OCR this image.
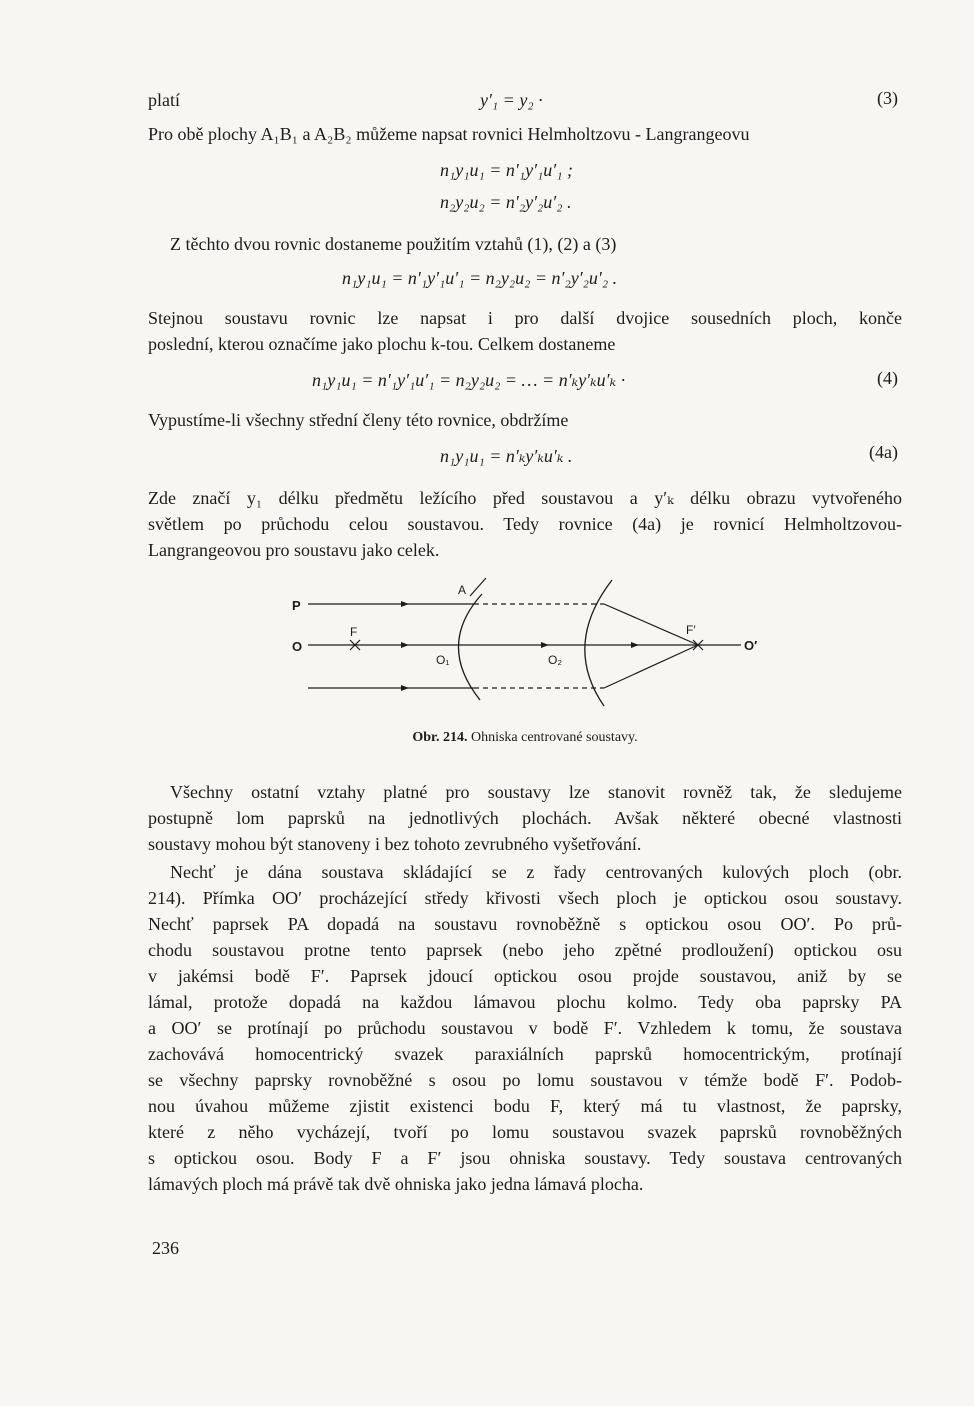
platí	y′₁ = y₂ ·	(3)
Pro obě plochy A₁B₁ a A₂B₂ můžeme napsat rovnici Helmholtzovu - Langrangeovu
n₁y₁u₁ = n′₁y′₁u′₁ ;
n₂y₂u₂ = n′₂y′₂u′₂ .
Z těchto dvou rovnic dostaneme použitím vztahů (1), (2) a (3)
n₁y₁u₁ = n′₁y′₁u′₁ = n₂y₂u₂ = n′₂y′₂u′₂ .
Stejnou soustavu rovnic lze napsat i pro další dvojice sousedních ploch, konče
poslední, kterou označíme jako plochu k-tou. Celkem dostaneme
n₁y₁u₁ = n′₁y′₁u′₁ = n₂y₂u₂ = … = n′ₖy′ₖu′ₖ ·	(4)
Vypustíme-li všechny střední členy této rovnice, obdržíme
n₁y₁u₁ = n′ₖy′ₖu′ₖ .	(4a)
Zde značí y₁ délku předmětu ležícího před soustavou a y′ₖ délku obrazu vytvořeného
světlem po průchodu celou soustavou. Tedy rovnice (4a) je rovnicí Helmholtzovou-
Langrangeovou pro soustavu jako celek.
P
O
F
A
O₁	O₂
F′
O′
Obr. 214. Ohniska centrované soustavy.
Všechny ostatní vztahy platné pro soustavy lze stanovit rovněž tak, že sledujeme
postupně lom paprsků na jednotlivých plochách. Avšak některé obecné vlastnosti
soustavy mohou být stanoveny i bez tohoto zevrubného vyšetřování.
Nechť je dána soustava skládající se z řady centrovaných kulových ploch (obr.
214). Přímka OO′ procházející středy křivosti všech ploch je optickou osou soustavy.
Nechť paprsek PA dopadá na soustavu rovnoběžně s optickou osou OO′. Po prů-
chodu soustavou protne tento paprsek (nebo jeho zpětné prodloužení) optickou osu
v jakémsi bodě F′. Paprsek jdoucí optickou osou projde soustavou, aniž by se
lámal, protože dopadá na každou lámavou plochu kolmo. Tedy oba paprsky PA
a OO′ se protínají po průchodu soustavou v bodě F′. Vzhledem k tomu, že soustava
zachovává homocentrický svazek paraxiálních paprsků homocentrickým, protínají
se všechny paprsky rovnoběžné s osou po lomu soustavou v témže bodě F′. Podob-
nou úvahou můžeme zjistit existenci bodu F, který má tu vlastnost, že paprsky,
které z něho vycházejí, tvoří po lomu soustavou svazek paprsků rovnoběžných
s optickou osou. Body F a F′ jsou ohniska soustavy. Tedy soustava centrovaných
lámavých ploch má právě tak dvě ohniska jako jedna lámavá plocha.
236
